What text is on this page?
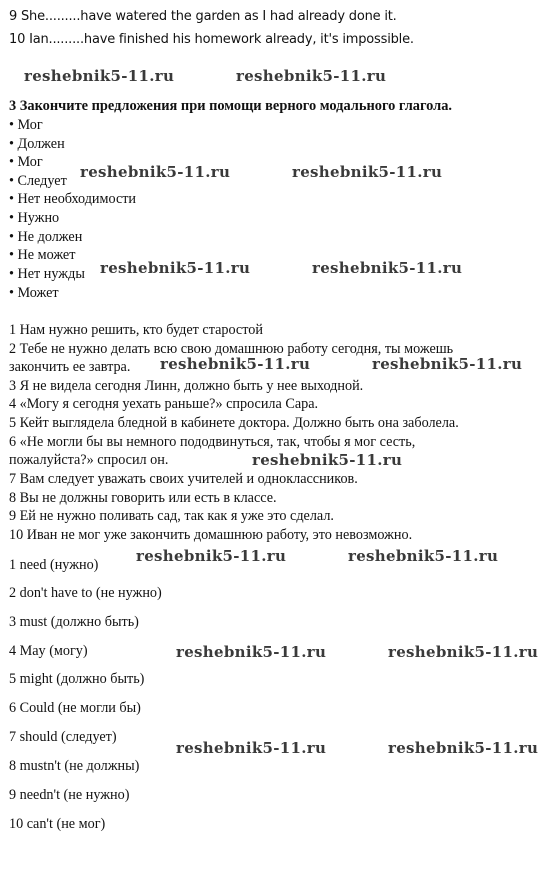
9 She.........have watered the garden as I had already done it.
10 Ian.........have finished his homework already, it's impossible.
3 Закончите предложения при помощи верного модального глагола.
• Мог
• Должен
• Мог
• Следует
• Нет необходимости
• Нужно
• Не должен
• Не может
• Нет нужды
• Может
1 Нам нужно решить, кто будет старостой
2 Тебе не нужно делать всю свою домашнюю работу сегодня, ты можешь
закончить ее завтра.
3 Я не видела сегодня Линн, должно быть у нее выходной.
4 «Могу я сегодня уехать раньше?» спросила Сара.
5 Кейт выглядела бледной в кабинете доктора. Должно быть она заболела.
6 «Не могли бы вы немного пододвинуться, так, чтобы я мог сесть,
пожалуйста?» спросил он.
7 Вам следует уважать своих учителей и одноклассников.
8 Вы не должны говорить или есть в классе.
9 Ей не нужно поливать сад, так как я уже это сделал.
10 Иван не мог уже закончить домашнюю работу, это невозможно.
1 need (нужно)
2 don't have to (не нужно)
3 must (должно быть)
4 May (могу)
5 might (должно быть)
6 Could (не могли бы)
7 should (следует)
8 mustn't (не должны)
9 needn't (не нужно)
10 can't (не мог)
reshebnik5-11.ru	reshebnik5-11.ru
reshebnik5-11.ru	reshebnik5-11.ru
reshebnik5-11.ru	reshebnik5-11.ru
reshebnik5-11.ru	reshebnik5-11.ru
reshebnik5-11.ru
reshebnik5-11.ru	reshebnik5-11.ru
reshebnik5-11.ru	reshebnik5-11.ru
reshebnik5-11.ru	reshebnik5-11.ru
